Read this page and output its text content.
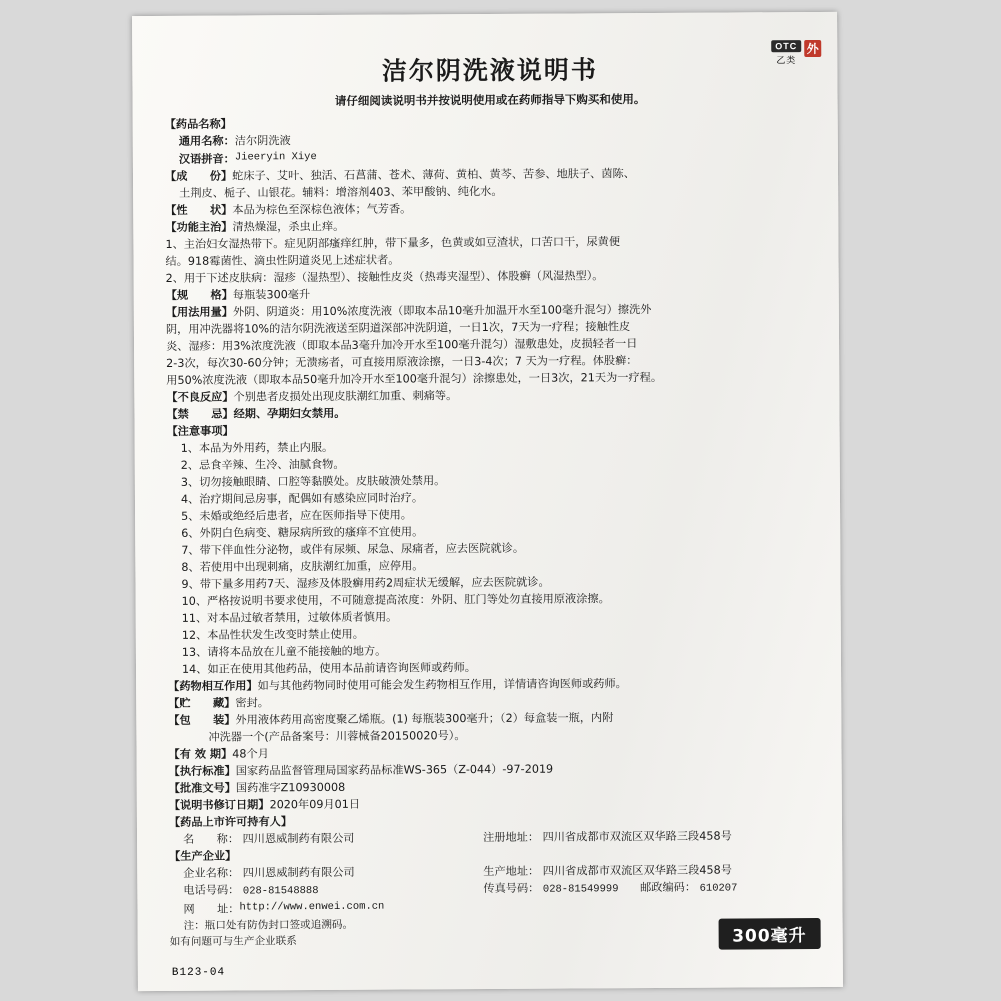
OTC
乙类
外
洁尔阴洗液说明书
请仔细阅读说明书并按说明使用或在药师指导下购买和使用。

【药品名称】

通用名称： 洁尔阴洗液
汉语拼音： Jieeryin Xiye
【成　　份】 蛇床子、艾叶、独活、石菖蒲、苍术、薄荷、黄柏、黄芩、苦参、地肤子、茵陈、

土荆皮、栀子、山银花。辅料：增溶剂403、苯甲酸钠、纯化水。

【性　　状】 本品为棕色至深棕色液体；气芳香。
【功能主治】 清热燥湿，杀虫止痒。

1、主治妇女湿热带下。症见阴部瘙痒红肿，带下量多，色黄或如豆渣状，口苦口干，尿黄便

结。918霉菌性、滴虫性阴道炎见上述症状者。

2、用于下述皮肤病：湿疹（湿热型）、接触性皮炎（热毒夹湿型）、体股癣（风湿热型）。

【规　　格】 每瓶装300毫升
【用法用量】 外阴、阴道炎：用10%浓度洗液（即取本品10毫升加温开水至100毫升混匀）擦洗外

阴，用冲洗器将10%的洁尔阴洗液送至阴道深部冲洗阴道，一日1次，7天为一疗程；接触性皮

炎、湿疹：用3%浓度洗液（即取本品3毫升加冷开水至100毫升混匀）湿敷患处，皮损轻者一日

2-3次，每次30-60分钟；无溃疡者，可直接用原液涂擦，一日3-4次；7 天为一疗程。体股癣：

用50%浓度洗液（即取本品50毫升加冷开水至100毫升混匀）涂擦患处，一日3次，21天为一疗程。

【不良反应】 个别患者皮损处出现皮肤潮红加重、刺痛等。
【禁　　忌】 经期、孕期妇女禁用。

【注意事项】

1、本品为外用药，禁止内服。

2、忌食辛辣、生冷、油腻食物。

3、切勿接触眼睛、口腔等黏膜处。皮肤破溃处禁用。

4、治疗期间忌房事，配偶如有感染应同时治疗。

5、未婚或绝经后患者，应在医师指导下使用。

6、外阴白色病变、糖尿病所致的瘙痒不宜使用。

7、带下伴血性分泌物，或伴有尿频、尿急、尿痛者，应去医院就诊。

8、若使用中出现刺痛，皮肤潮红加重，应停用。

9、带下量多用药7天、湿疹及体股癣用药2周症状无缓解，应去医院就诊。

10、严格按说明书要求使用，不可随意提高浓度：外阴、肛门等处勿直接用原液涂擦。

11、对本品过敏者禁用，过敏体质者慎用。

12、本品性状发生改变时禁止使用。

13、请将本品放在儿童不能接触的地方。

14、如正在使用其他药品，使用本品前请咨询医师或药师。

【药物相互作用】 如与其他药物同时使用可能会发生药物相互作用，详情请咨询医师或药师。
【贮　　藏】 密封。
【包　　装】 外用液体药用高密度聚乙烯瓶。(1) 每瓶装300毫升；（2）每盒装一瓶，内附

冲洗器一个(产品备案号：川蓉械备20150020号）。

【有 效 期】 48个月
【执行标准】 国家药品监督管理局国家药品标准WS-365（Z-044）-97-2019
【批准文号】 国药准字Z10930008
【说明书修订日期】 2020年09月01日

【药品上市许可持有人】

名　　称： 四川恩威制药有限公司	注册地址： 四川省成都市双流区双华路三段458号

【生产企业】

企业名称： 四川恩威制药有限公司	生产地址： 四川省成都市双流区双华路三段458号
电话号码： 028-81548888	传真号码： 028-81549999 邮政编码： 610207
网　　址： http://www.enwei.com.cn

注：瓶口处有防伪封口签或追溯码。

如有问题可与生产企业联系	300毫升
B123-04
